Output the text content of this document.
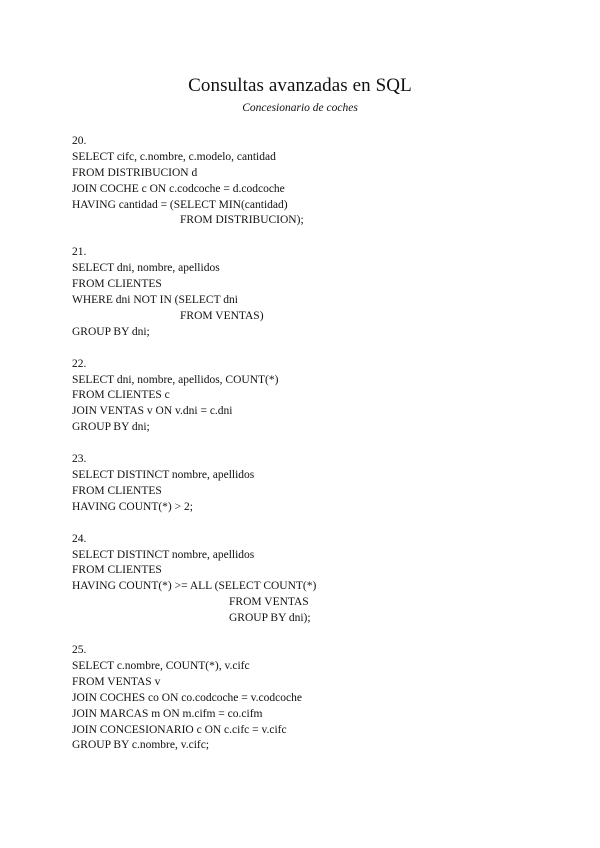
Consultas avanzadas en SQL
Concesionario de coches
20.
SELECT cifc, c.nombre, c.modelo, cantidad
FROM DISTRIBUCION d
JOIN COCHE c ON c.codcoche = d.codcoche
HAVING cantidad = (SELECT MIN(cantidad)
FROM DISTRIBUCION);
21.
SELECT dni, nombre, apellidos
FROM CLIENTES
WHERE dni NOT IN (SELECT dni
FROM VENTAS)
GROUP BY dni;
22.
SELECT dni, nombre, apellidos, COUNT(*)
FROM CLIENTES c
JOIN VENTAS v ON v.dni = c.dni
GROUP BY dni;
23.
SELECT DISTINCT nombre, apellidos
FROM CLIENTES
HAVING COUNT(*) > 2;
24.
SELECT DISTINCT nombre, apellidos
FROM CLIENTES
HAVING COUNT(*) >= ALL (SELECT COUNT(*)
FROM VENTAS
GROUP BY dni);
25.
SELECT c.nombre, COUNT(*), v.cifc
FROM VENTAS v
JOIN COCHES co ON co.codcoche = v.codcoche
JOIN MARCAS m ON m.cifm = co.cifm
JOIN CONCESIONARIO c ON c.cifc = v.cifc
GROUP BY c.nombre, v.cifc;
